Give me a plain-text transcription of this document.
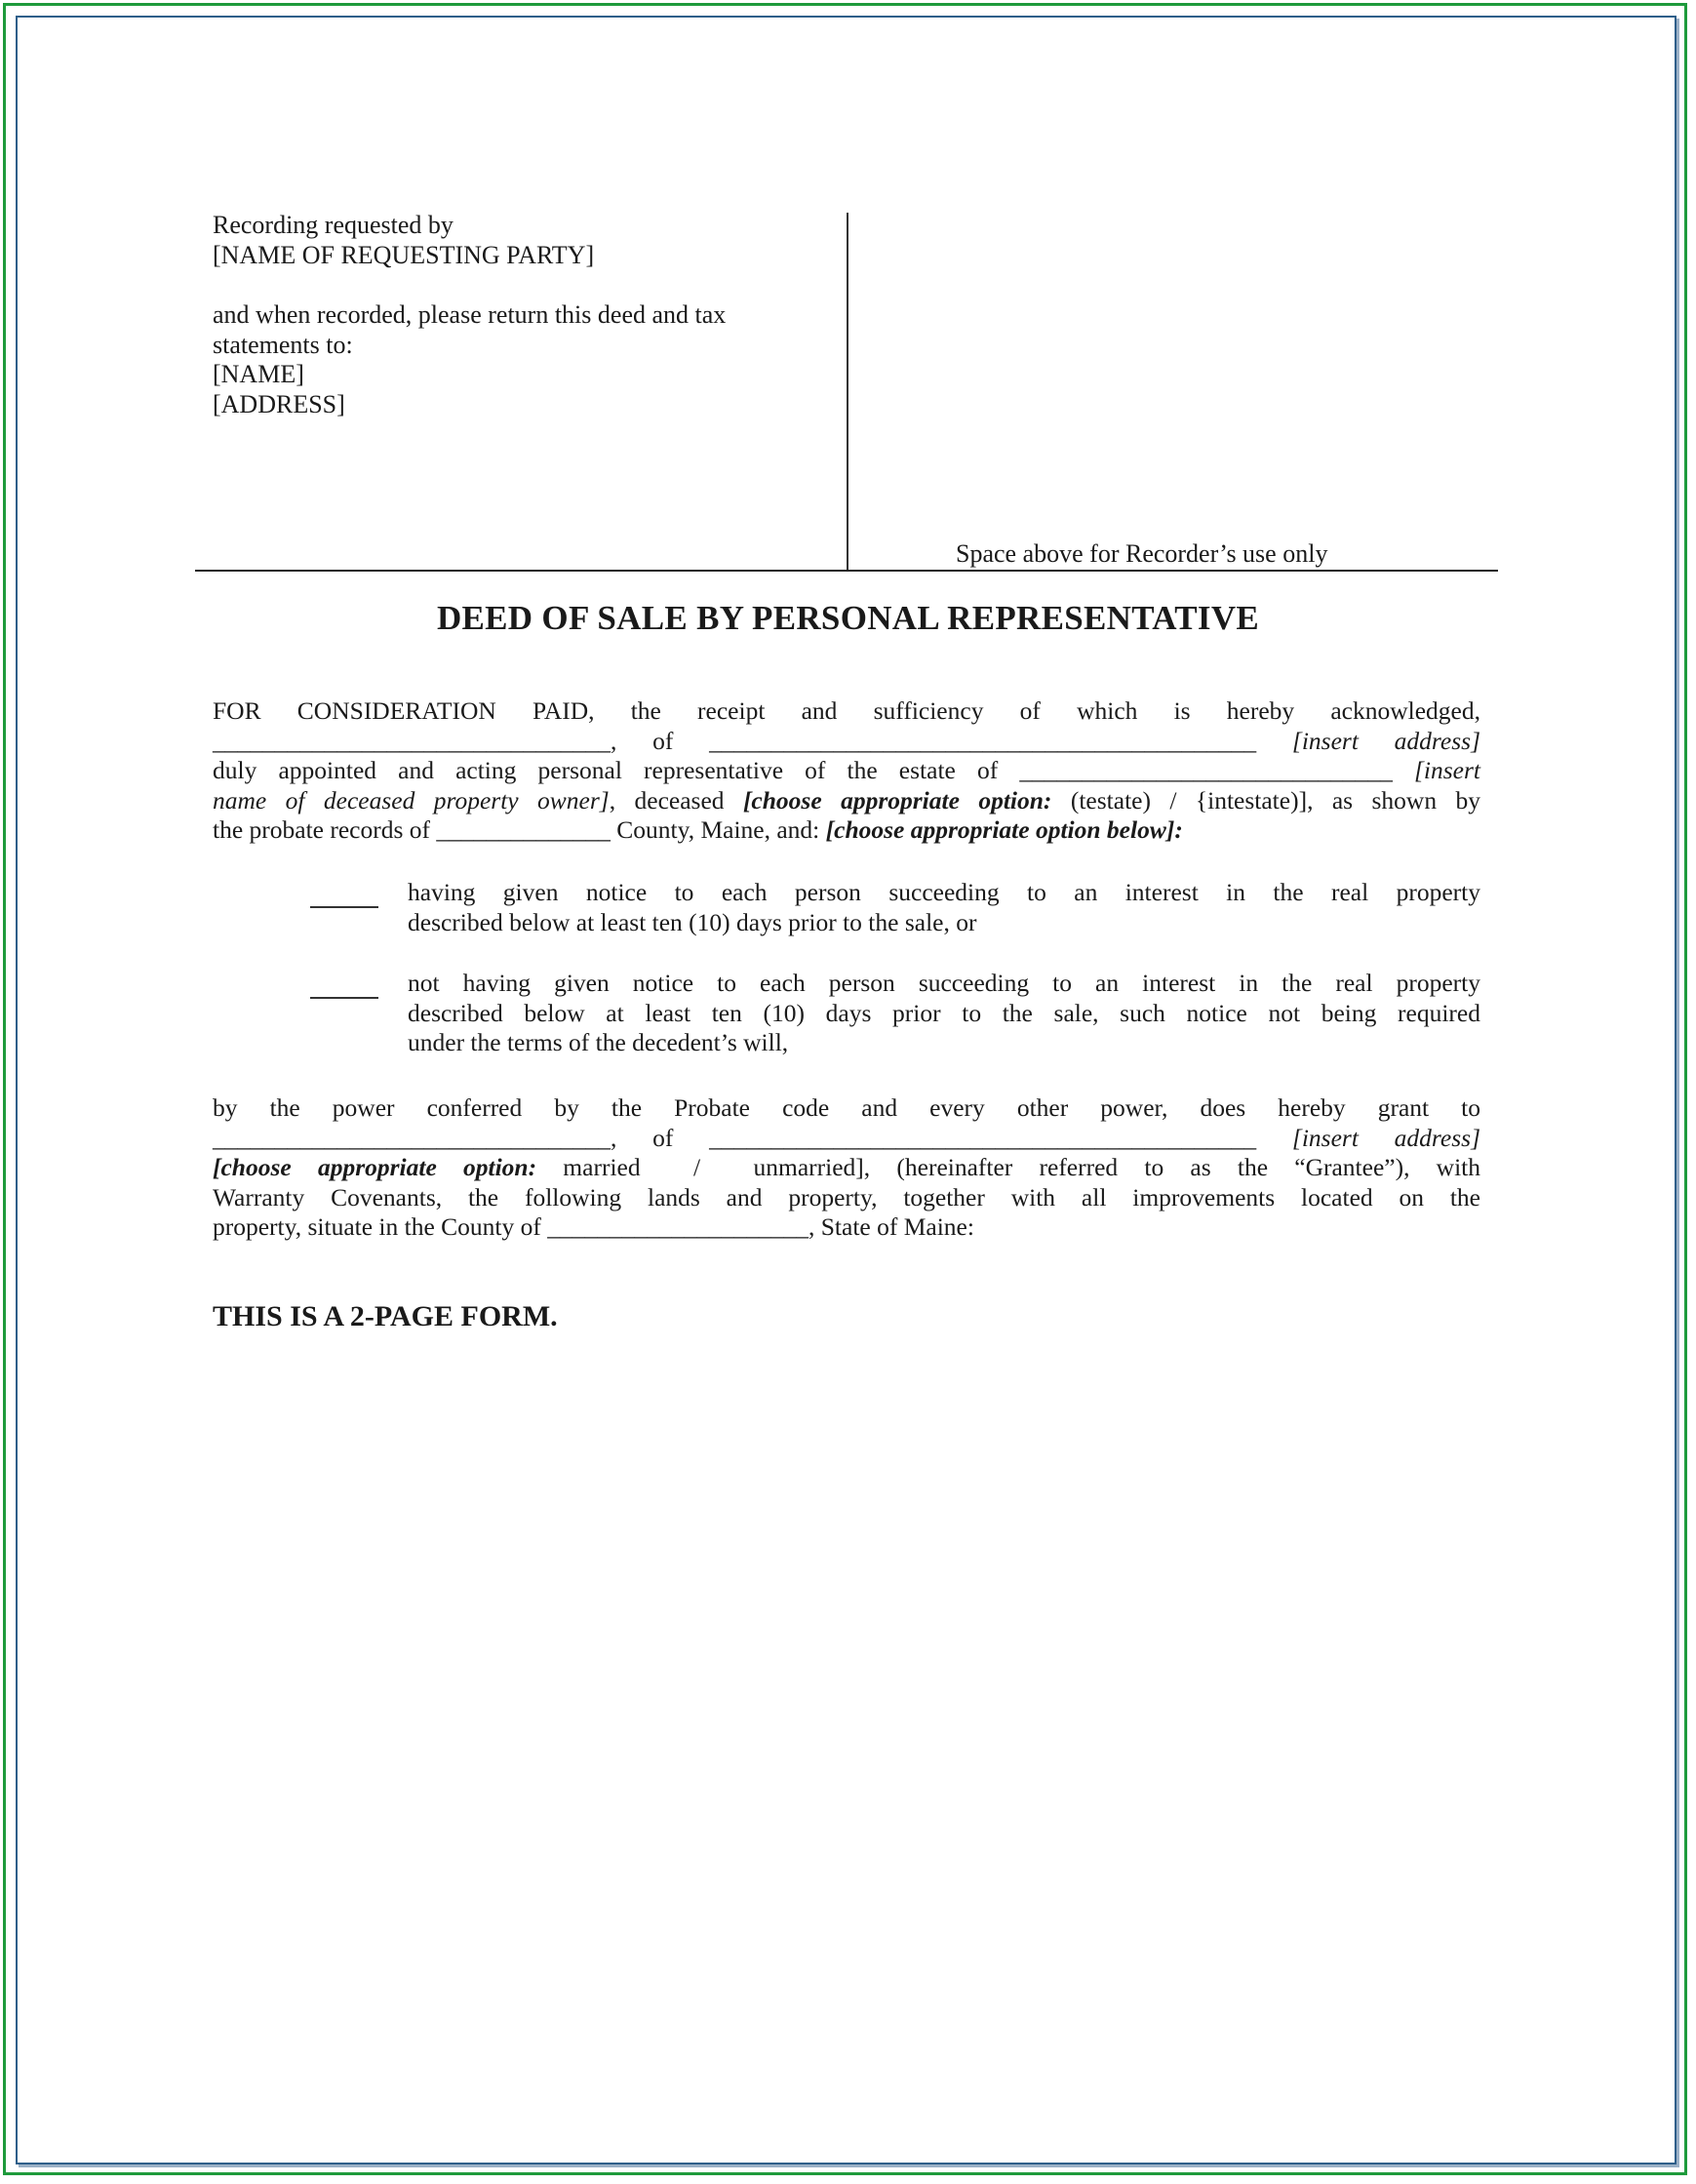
Recording requested by
[NAME OF REQUESTING PARTY]
and when recorded, please return this deed and tax
statements to:
[NAME]
[ADDRESS]
Space above for Recorder’s use only
DEED OF SALE BY PERSONAL REPRESENTATIVE
FOR CONSIDERATION PAID, the receipt and sufficiency of which is hereby acknowledged,
________________________________, of ____________________________________________ [insert address]
duly appointed and acting personal representative of the estate of ______________________________ [insert
name of deceased property owner], deceased [choose appropriate option: (testate) / {intestate)], as shown by
the probate records of ______________ County, Maine, and: [choose appropriate option below]:
having given notice to each person succeeding to an interest in the real property
described below at least ten (10) days prior to the sale, or
not having given notice to each person succeeding to an interest in the real property
described below at least ten (10) days prior to the sale, such notice not being required
under the terms of the decedent’s will,
by the power conferred by the Probate code and every other power, does hereby grant to
________________________________, of ____________________________________________ [insert address]
[choose appropriate option: married  /  unmarried], (hereinafter referred to as the “Grantee”), with
Warranty Covenants, the following lands and property, together with all improvements located on the
property, situate in the County of _____________________, State of Maine:
THIS IS A 2-PAGE FORM.
